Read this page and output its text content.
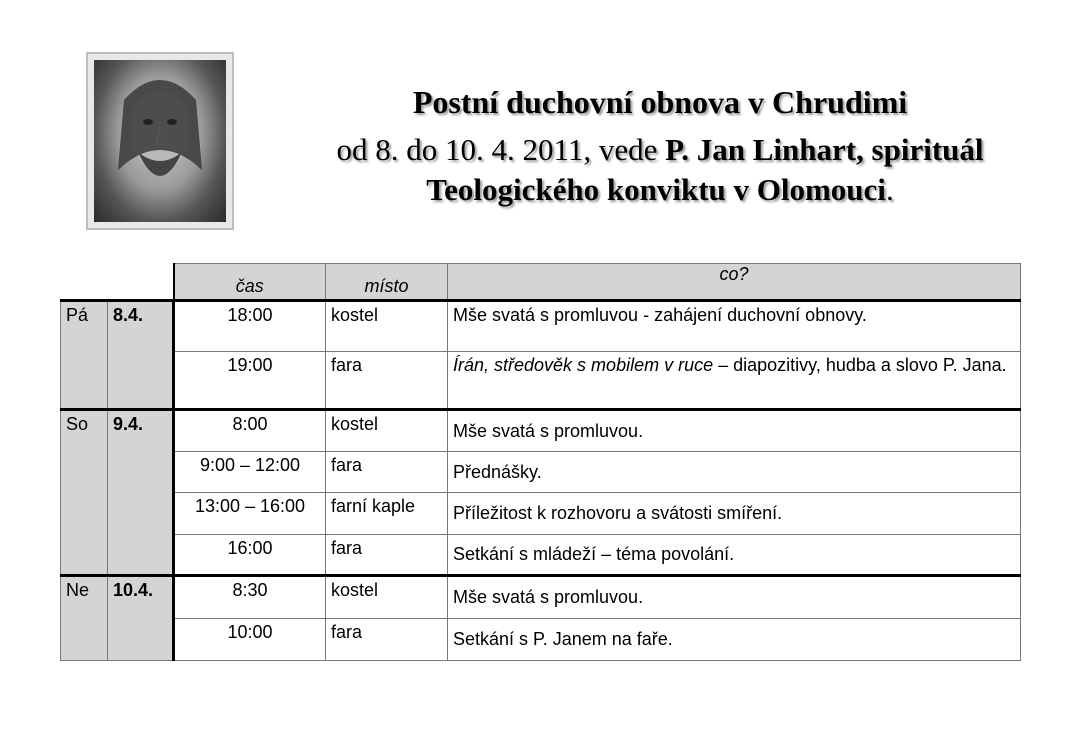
Postní duchovní obnova v Chrudimi
od 8. do 10. 4. 2011, vede P. Jan Linhart, spirituál
Teologického konviktu v Olomouci.
		čas	místo	co?
Pá	8.4.	18:00	kostel	Mše svatá s promluvou - zahájení duchovní obnovy.
		19:00	fara	Írán, středověk s mobilem v ruce – diapozitivy, hudba a slovo P. Jana.
So	9.4.	8:00	kostel	Mše svatá s promluvou.
		9:00 – 12:00	fara	Přednášky.
		13:00 – 16:00	farní kaple	Příležitost k rozhovoru a svátosti smíření.
		16:00	fara	Setkání s mládeží – téma povolání.
Ne	10.4.	8:30	kostel	Mše svatá s promluvou.
		10:00	fara	Setkání s P. Janem na faře.
